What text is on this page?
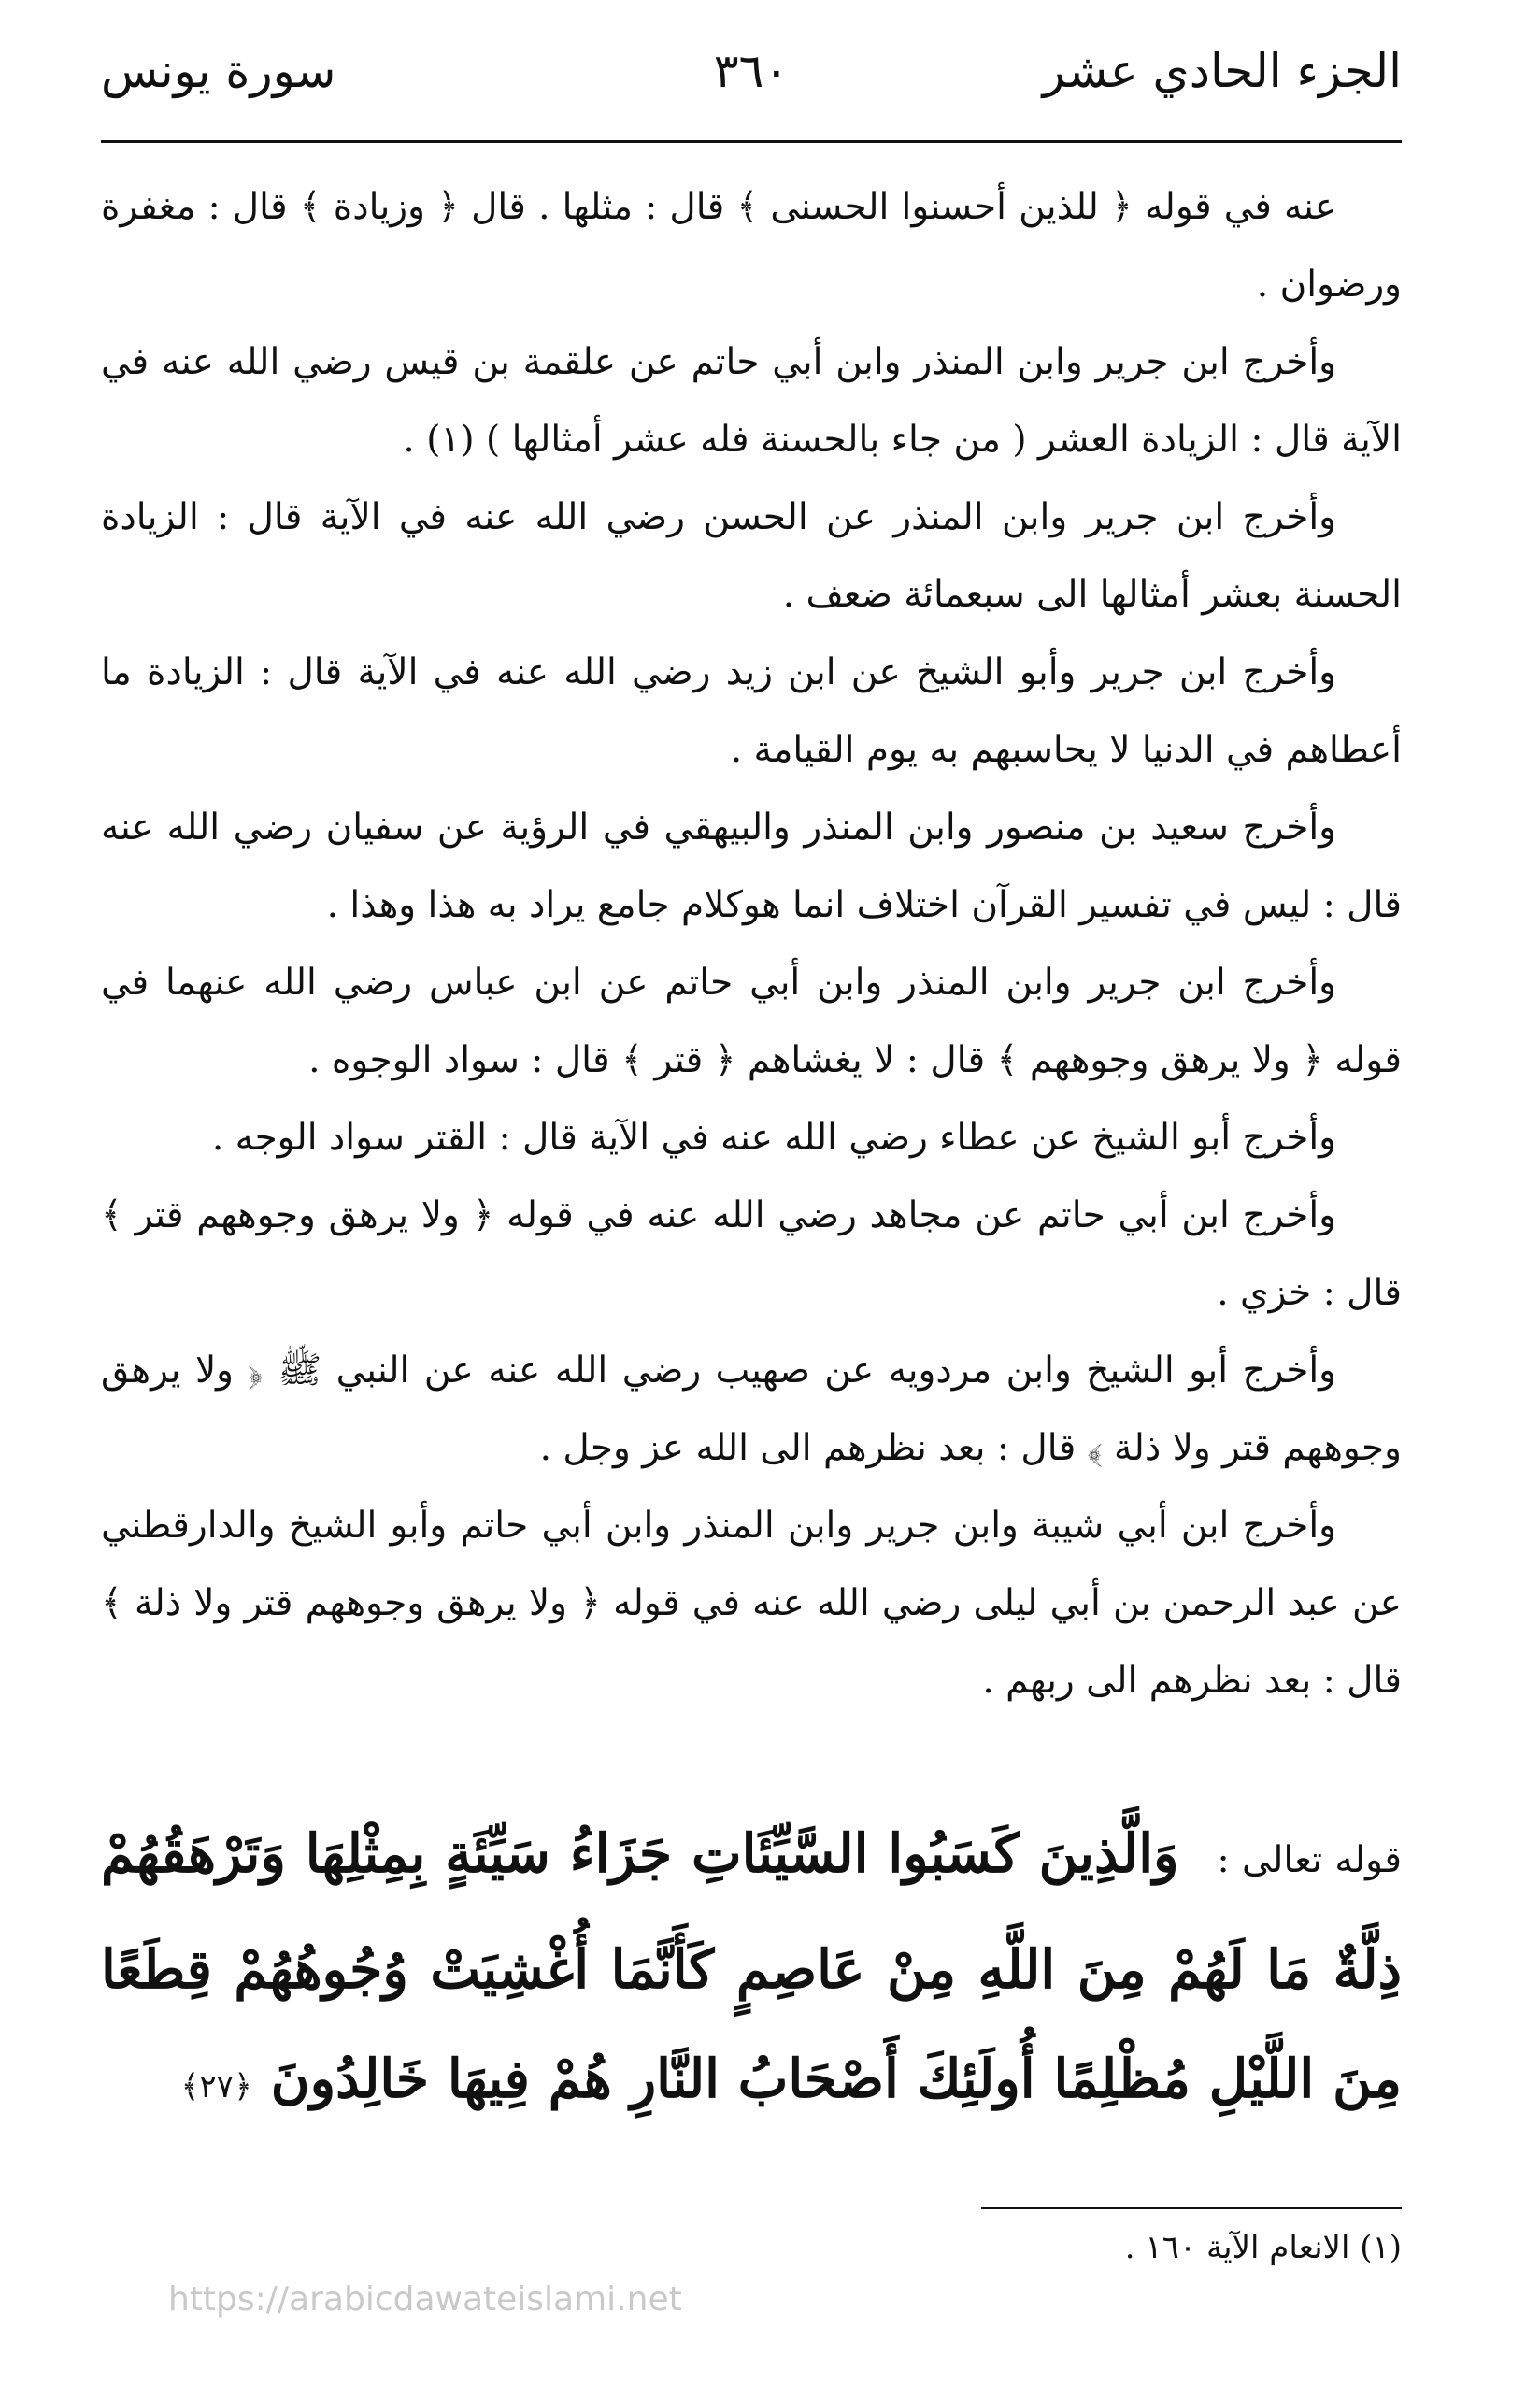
الجزء الحادي عشر
٣٦٠
سورة يونس

عنه في قوله ﴿ للذين أحسنوا الحسنى ﴾ قال : مثلها . قال ﴿ وزيادة ﴾ قال : مغفرة ورضوان .

وأخرج ابن جرير وابن المنذر وابن أبي حاتم عن علقمة بن قيس رضي الله عنه في الآية قال : الزيادة العشر ( من جاء بالحسنة فله عشر أمثالها ) (١) .

وأخرج ابن جرير وابن المنذر عن الحسن رضي الله عنه في الآية قال : الزيادة الحسنة بعشر أمثالها الى سبعمائة ضعف .

وأخرج ابن جرير وأبو الشيخ عن ابن زيد رضي الله عنه في الآية قال : الزيادة ما أعطاهم في الدنيا لا يحاسبهم به يوم القيامة .

وأخرج سعيد بن منصور وابن المنذر والبيهقي في الرؤية عن سفيان رضي الله عنه قال : ليس في تفسير القرآن اختلاف انما هوكلام جامع يراد به هذا وهذا .

وأخرج ابن جرير وابن المنذر وابن أبي حاتم عن ابن عباس رضي الله عنهما في قوله ﴿ ولا يرهق وجوههم ﴾ قال : لا يغشاهم ﴿ قتر ﴾ قال : سواد الوجوه .

وأخرج أبو الشيخ عن عطاء رضي الله عنه في الآية قال : القتر سواد الوجه .

وأخرج ابن أبي حاتم عن مجاهد رضي الله عنه في قوله ﴿ ولا يرهق وجوههم قتر ﴾ قال : خزي .

وأخرج أبو الشيخ وابن مردويه عن صهيب رضي الله عنه عن النبي ﷺ ﴿ ولا يرهق وجوههم قتر ولا ذلة ﴾ قال : بعد نظرهم الى الله عز وجل .

وأخرج ابن أبي شيبة وابن جرير وابن المنذر وابن أبي حاتم وأبو الشيخ والدارقطني عن عبد الرحمن بن أبي ليلى رضي الله عنه في قوله ﴿ ولا يرهق وجوههم قتر ولا ذلة ﴾ قال : بعد نظرهم الى ربهم .

قوله تعالى : وَالَّذِينَ كَسَبُوا السَّيِّئَاتِ جَزَاءُ سَيِّئَةٍ بِمِثْلِهَا وَتَرْهَقُهُمْ ذِلَّةٌ مَا لَهُمْ مِنَ اللَّهِ مِنْ عَاصِمٍ كَأَنَّمَا أُغْشِيَتْ وُجُوهُهُمْ قِطَعًا مِنَ اللَّيْلِ مُظْلِمًا أُولَئِكَ أَصْحَابُ النَّارِ هُمْ فِيهَا خَالِدُونَ ﴿٢٧﴾
(١) الانعام الآية ١٦٠ .
https://arabicdawateislami.net
